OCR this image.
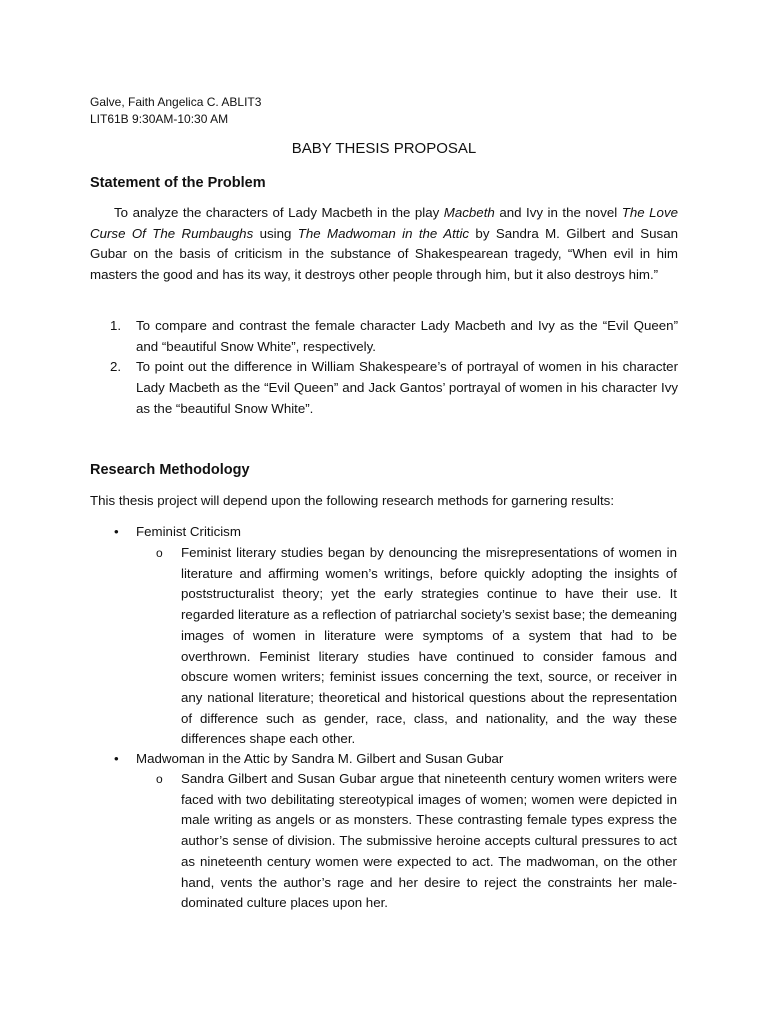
Galve, Faith Angelica C. ABLIT3
LIT61B 9:30AM-10:30 AM
BABY THESIS PROPOSAL
Statement of the Problem

To analyze the characters of Lady Macbeth in the play Macbeth and Ivy in the novel The Love Curse Of The Rumbaughs using The Madwoman in the Attic by Sandra M. Gilbert and Susan Gubar on the basis of criticism in the substance of Shakespearean tragedy, “When evil in him masters the good and has its way, it destroys other people through him, but it also destroys him.”

1. To compare and contrast the female character Lady Macbeth and Ivy as the “Evil Queen” and “beautiful Snow White”, respectively.
2. To point out the difference in William Shakespeare’s of portrayal of women in his character Lady Macbeth as the “Evil Queen” and Jack Gantos’ portrayal of women in his character Ivy as the “beautiful Snow White”.
Research Methodology
This thesis project will depend upon the following research methods for garnering results:
• Feminist Criticism
o Feminist literary studies began by denouncing the misrepresentations of women in literature and affirming women’s writings, before quickly adopting the insights of poststructuralist theory; yet the early strategies continue to have their use. It regarded literature as a reflection of patriarchal society’s sexist base; the demeaning images of women in literature were symptoms of a system that had to be overthrown. Feminist literary studies have continued to consider famous and obscure women writers; feminist issues concerning the text, source, or receiver in any national literature; theoretical and historical questions about the representation of difference such as gender, race, class, and nationality, and the way these differences shape each other.
• Madwoman in the Attic by Sandra M. Gilbert and Susan Gubar
o Sandra Gilbert and Susan Gubar argue that nineteenth century women writers were faced with two debilitating stereotypical images of women; women were depicted in male writing as angels or as monsters. These contrasting female types express the author’s sense of division. The submissive heroine accepts cultural pressures to act as nineteenth century women were expected to act. The madwoman, on the other hand, vents the author’s rage and her desire to reject the constraints her male-dominated culture places upon her.
